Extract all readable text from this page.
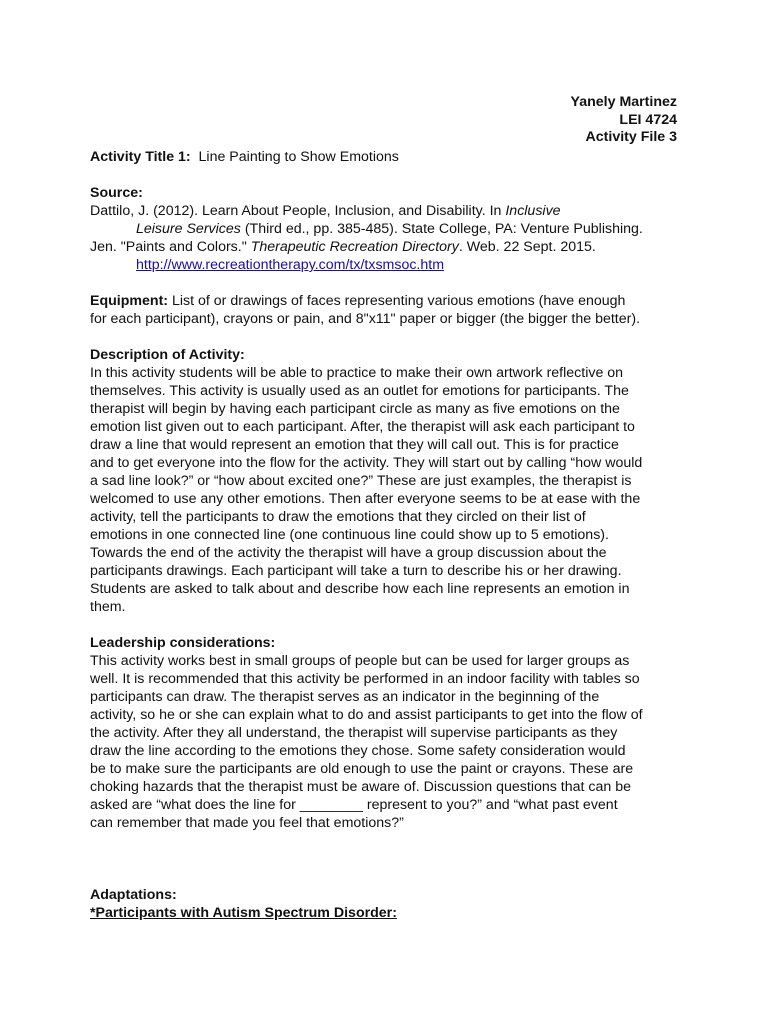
Yanely Martinez
LEI 4724
Activity File 3
Activity Title 1: Line Painting to Show Emotions
Source:
Dattilo, J. (2012). Learn About People, Inclusion, and Disability. In Inclusive
Leisure Services (Third ed., pp. 385-485). State College, PA: Venture Publishing.
Jen. "Paints and Colors." Therapeutic Recreation Directory. Web. 22 Sept. 2015.
http://www.recreationtherapy.com/tx/txsmsoc.htm
Equipment: List of or drawings of faces representing various emotions (have enough
for each participant), crayons or pain, and 8"x11" paper or bigger (the bigger the better).
Description of Activity:
In this activity students will be able to practice to make their own artwork reflective on
themselves. This activity is usually used as an outlet for emotions for participants. The
therapist will begin by having each participant circle as many as five emotions on the
emotion list given out to each participant. After, the therapist will ask each participant to
draw a line that would represent an emotion that they will call out. This is for practice
and to get everyone into the flow for the activity. They will start out by calling “how would
a sad line look?” or “how about excited one?” These are just examples, the therapist is
welcomed to use any other emotions. Then after everyone seems to be at ease with the
activity, tell the participants to draw the emotions that they circled on their list of
emotions in one connected line (one continuous line could show up to 5 emotions).
Towards the end of the activity the therapist will have a group discussion about the
participants drawings. Each participant will take a turn to describe his or her drawing.
Students are asked to talk about and describe how each line represents an emotion in
them.
Leadership considerations:
This activity works best in small groups of people but can be used for larger groups as
well. It is recommended that this activity be performed in an indoor facility with tables so
participants can draw. The therapist serves as an indicator in the beginning of the
activity, so he or she can explain what to do and assist participants to get into the flow of
the activity. After they all understand, the therapist will supervise participants as they
draw the line according to the emotions they chose. Some safety consideration would
be to make sure the participants are old enough to use the paint or crayons. These are
choking hazards that the therapist must be aware of. Discussion questions that can be
asked are “what does the line for ________ represent to you?” and “what past event
can remember that made you feel that emotions?”
Adaptations:
*Participants with Autism Spectrum Disorder:
